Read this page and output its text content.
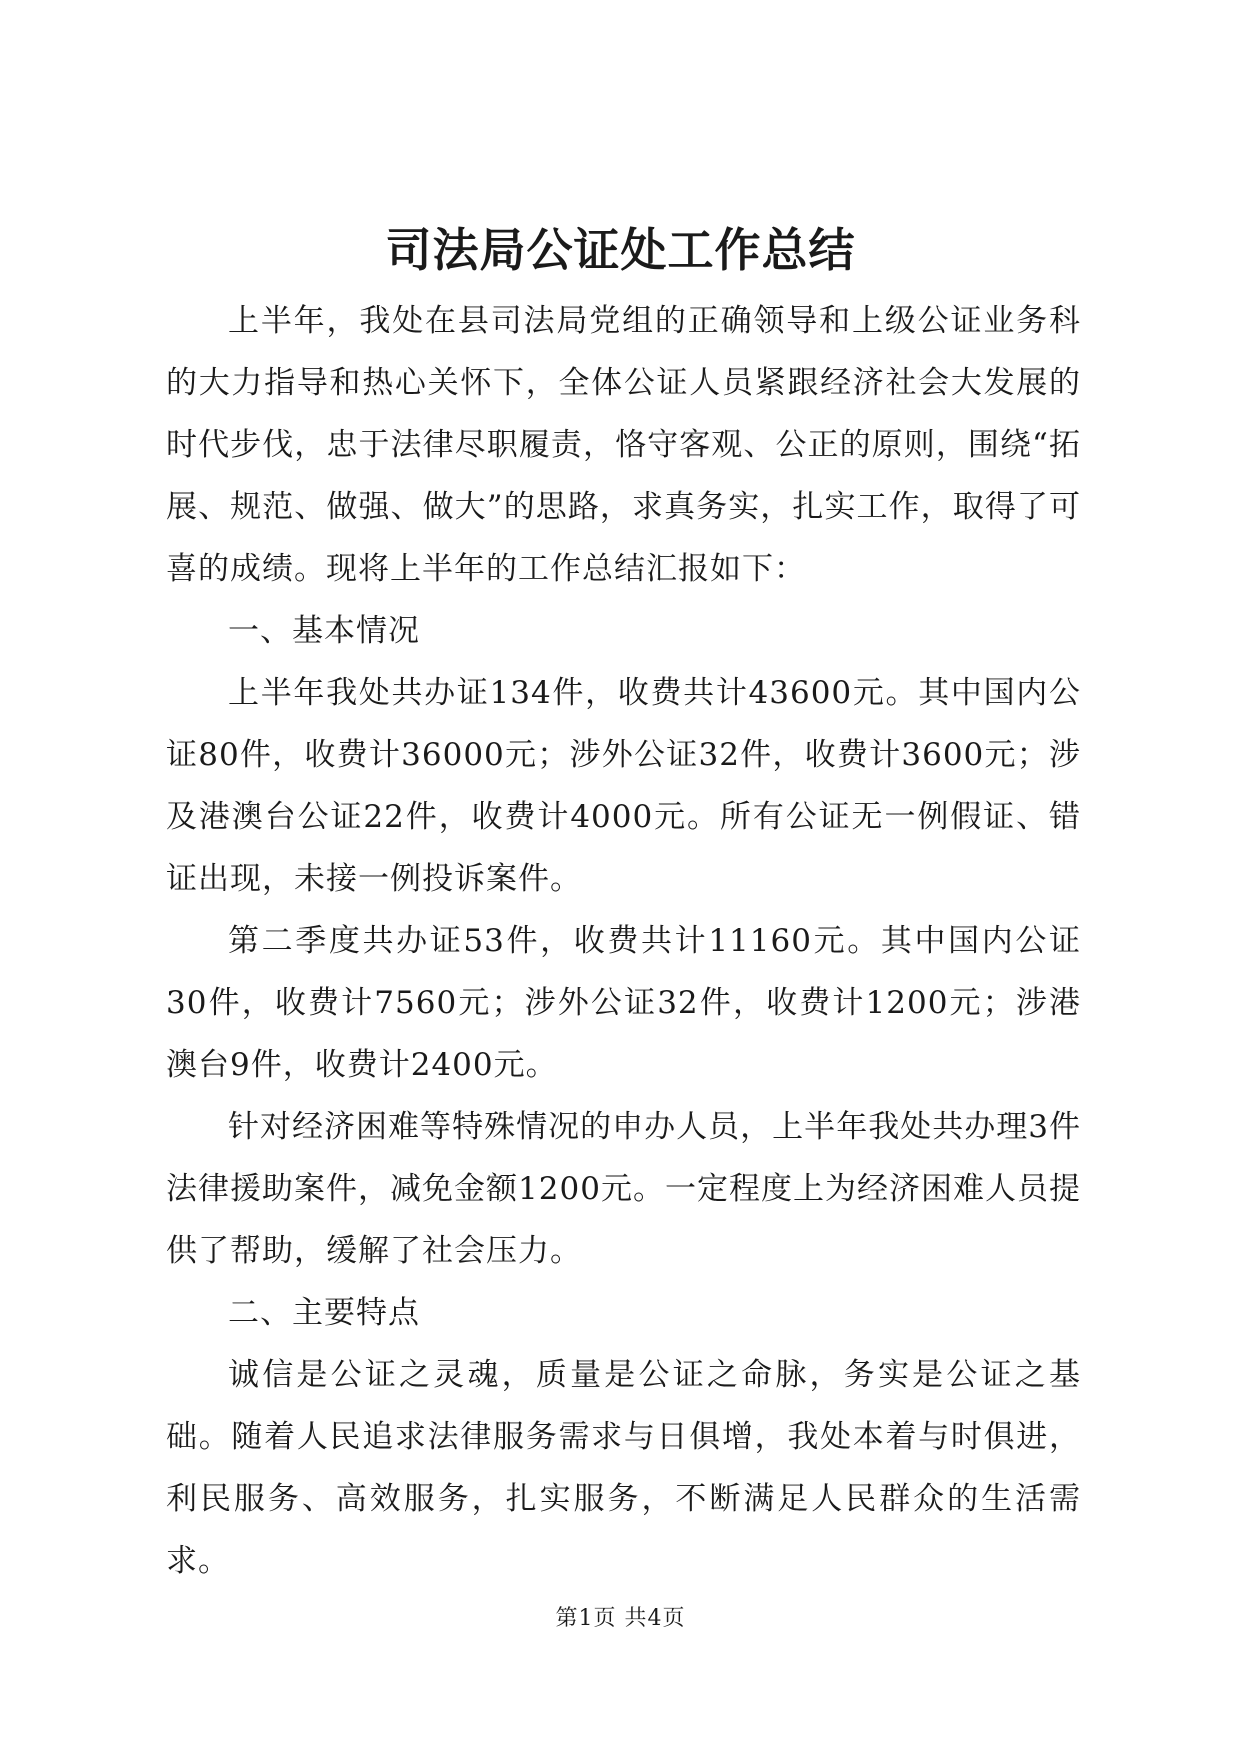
司法局公证处工作总结

上半年，我处在县司法局党组的正确领导和上级公证业务科的大力指导和热心关怀下，全体公证人员紧跟经济社会大发展的时代步伐，忠于法律尽职履责，恪守客观、公正的原则，围绕“拓展、规范、做强、做大”的思路，求真务实，扎实工作，取得了可喜的成绩。现将上半年的工作总结汇报如下：

一、基本情况

上半年我处共办证134件，收费共计43600元。其中国内公证80件，收费计36000元；涉外公证32件，收费计3600元；涉及港澳台公证22件，收费计4000元。所有公证无一例假证、错证出现，未接一例投诉案件。

第二季度共办证53件，收费共计11160元。其中国内公证30件，收费计7560元；涉外公证32件，收费计1200元；涉港澳台9件，收费计2400元。

针对经济困难等特殊情况的申办人员，上半年我处共办理3件法律援助案件，减免金额1200元。一定程度上为经济困难人员提供了帮助，缓解了社会压力。

二、主要特点

诚信是公证之灵魂，质量是公证之命脉，务实是公证之基础。随着人民追求法律服务需求与日俱增，我处本着与时俱进，利民服务、高效服务，扎实服务，不断满足人民群众的生活需求。

第1页 共4页
